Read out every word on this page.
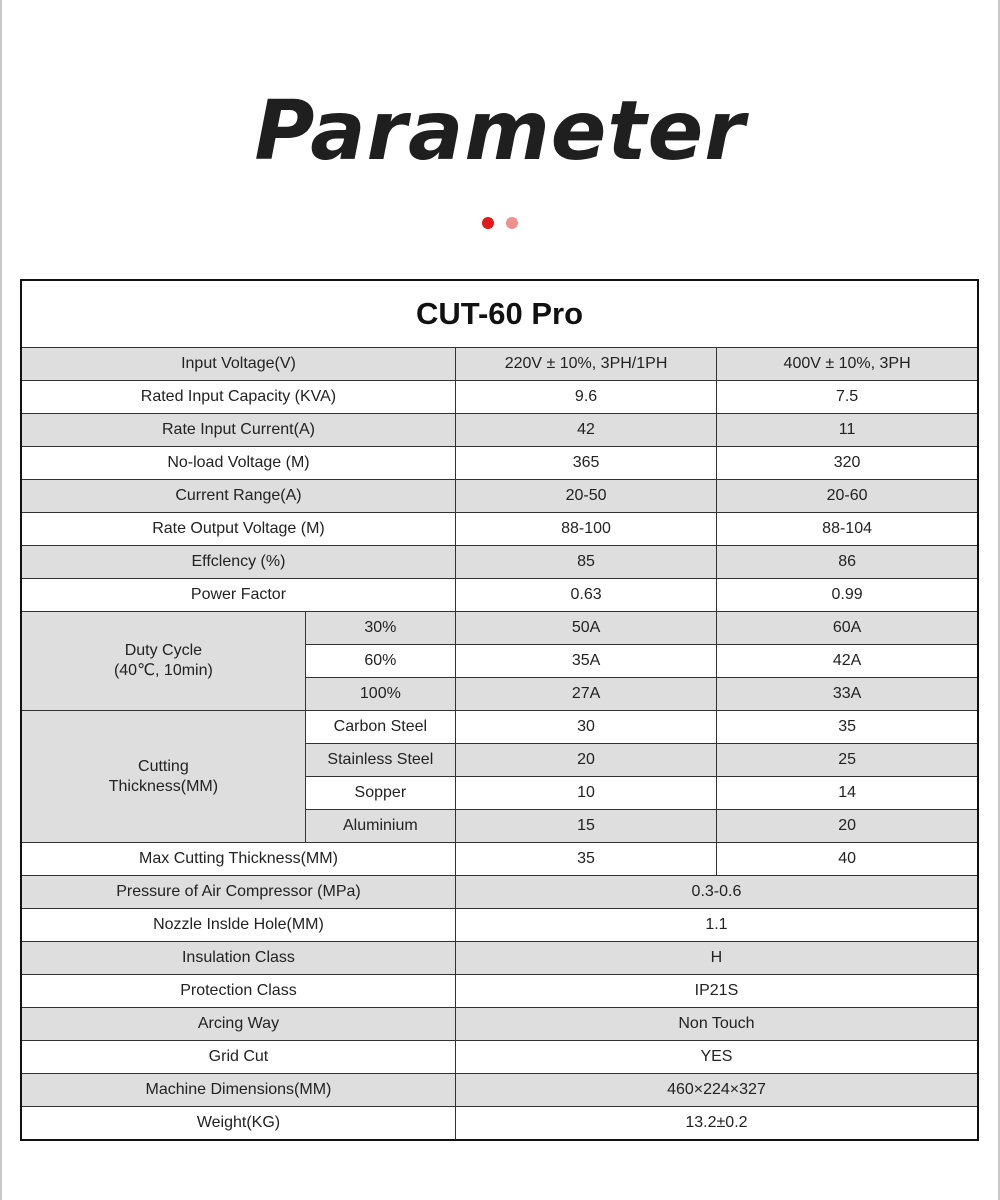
Parameter
CUT-60 Pro			
Input Voltage(V)		220V ± 10%, 3PH/1PH	400V ± 10%, 3PH
Rated Input Capacity (KVA)		9.6	7.5
Rate Input Current(A)		42	11
No-load Voltage (M)		365	320
Current Range(A)		20-50	20-60
Rate Output Voltage (M)		88-100	88-104
Effclency (%)		85	86
Power Factor		0.63	0.99

Duty Cycle
(40℃, 10min)	30%	50A	60A
	60%	35A	42A
	100%	27A	33A

Cutting
Thickness(MM)	Carbon Steel	30	35
	Stainless Steel	20	25
	Sopper	10	14
	Aluminium	15	20
Max Cutting Thickness(MM)		35	40
Pressure of Air Compressor (MPa)		0.3-0.6	
Nozzle Inslde Hole(MM)		1.1	
Insulation Class		H	
Protection Class		IP21S	
Arcing Way		Non Touch	
Grid Cut		YES	
Machine Dimensions(MM)		460×224×327	
Weight(KG)		13.2±0.2	
